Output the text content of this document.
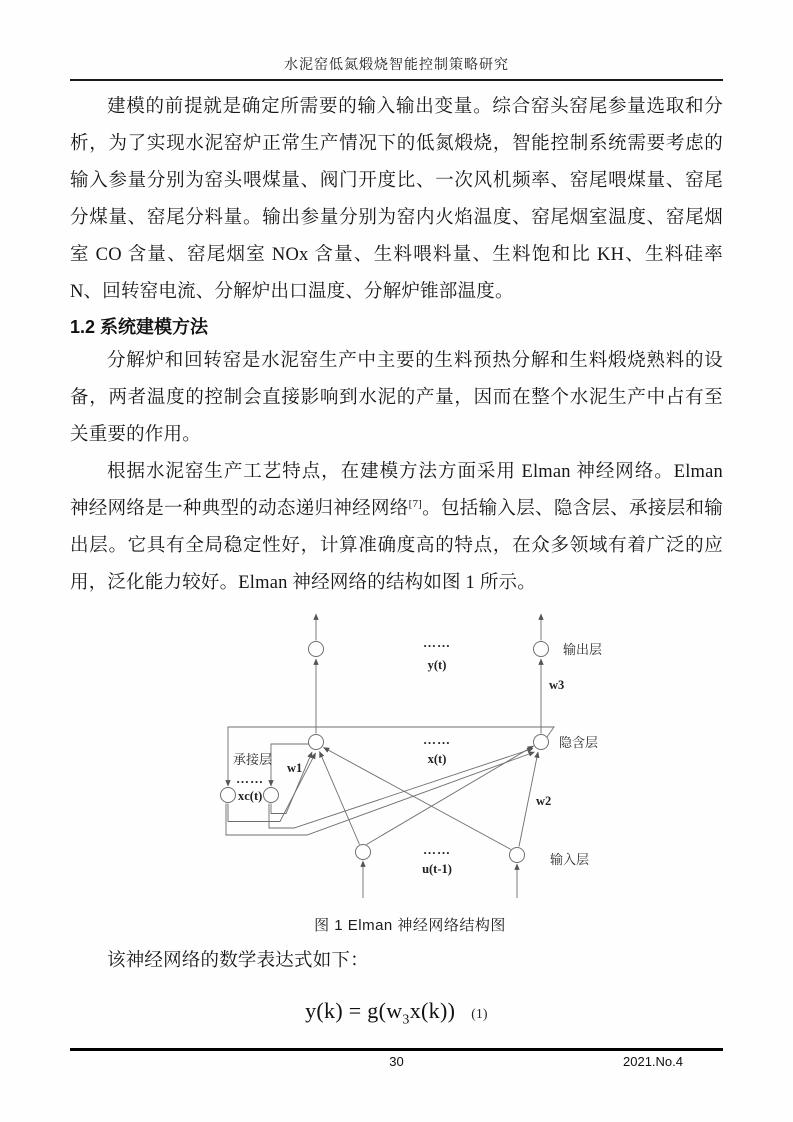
水泥窑低氮煅烧智能控制策略研究

建模的前提就是确定所需要的输入输出变量。综合窑头窑尾参量选取和分析，为了实现水泥窑炉正常生产情况下的低氮煅烧，智能控制系统需要考虑的输入参量分别为窑头喂煤量、阀门开度比、一次风机频率、窑尾喂煤量、窑尾分煤量、窑尾分料量。输出参量分别为窑内火焰温度、窑尾烟室温度、窑尾烟室 CO 含量、窑尾烟室 NOx 含量、生料喂料量、生料饱和比 KH、生料硅率 N、回转窑电流、分解炉出口温度、分解炉锥部温度。

1.2 系统建模方法

分解炉和回转窑是水泥窑生产中主要的生料预热分解和生料煅烧熟料的设备，两者温度的控制会直接影响到水泥的产量，因而在整个水泥生产中占有至关重要的作用。

根据水泥窑生产工艺特点，在建模方法方面采用 Elman 神经网络。Elman 神经网络是一种典型的动态递归神经网络[7]。包括输入层、隐含层、承接层和输出层。它具有全局稳定性好，计算准确度高的特点，在众多领域有着广泛的应用，泛化能力较好。Elman 神经网络的结构如图 1 所示。

……
y(t)
输出层
w3
……
x(t)
隐含层
承接层
……
xc(t)
w1
w2
……
u(t-1)
输入层
图 1 Elman 神经网络结构图

该神经网络的数学表达式如下：

$y(k) = g(w_3x(k))$ (1)
30	2021.No.4
